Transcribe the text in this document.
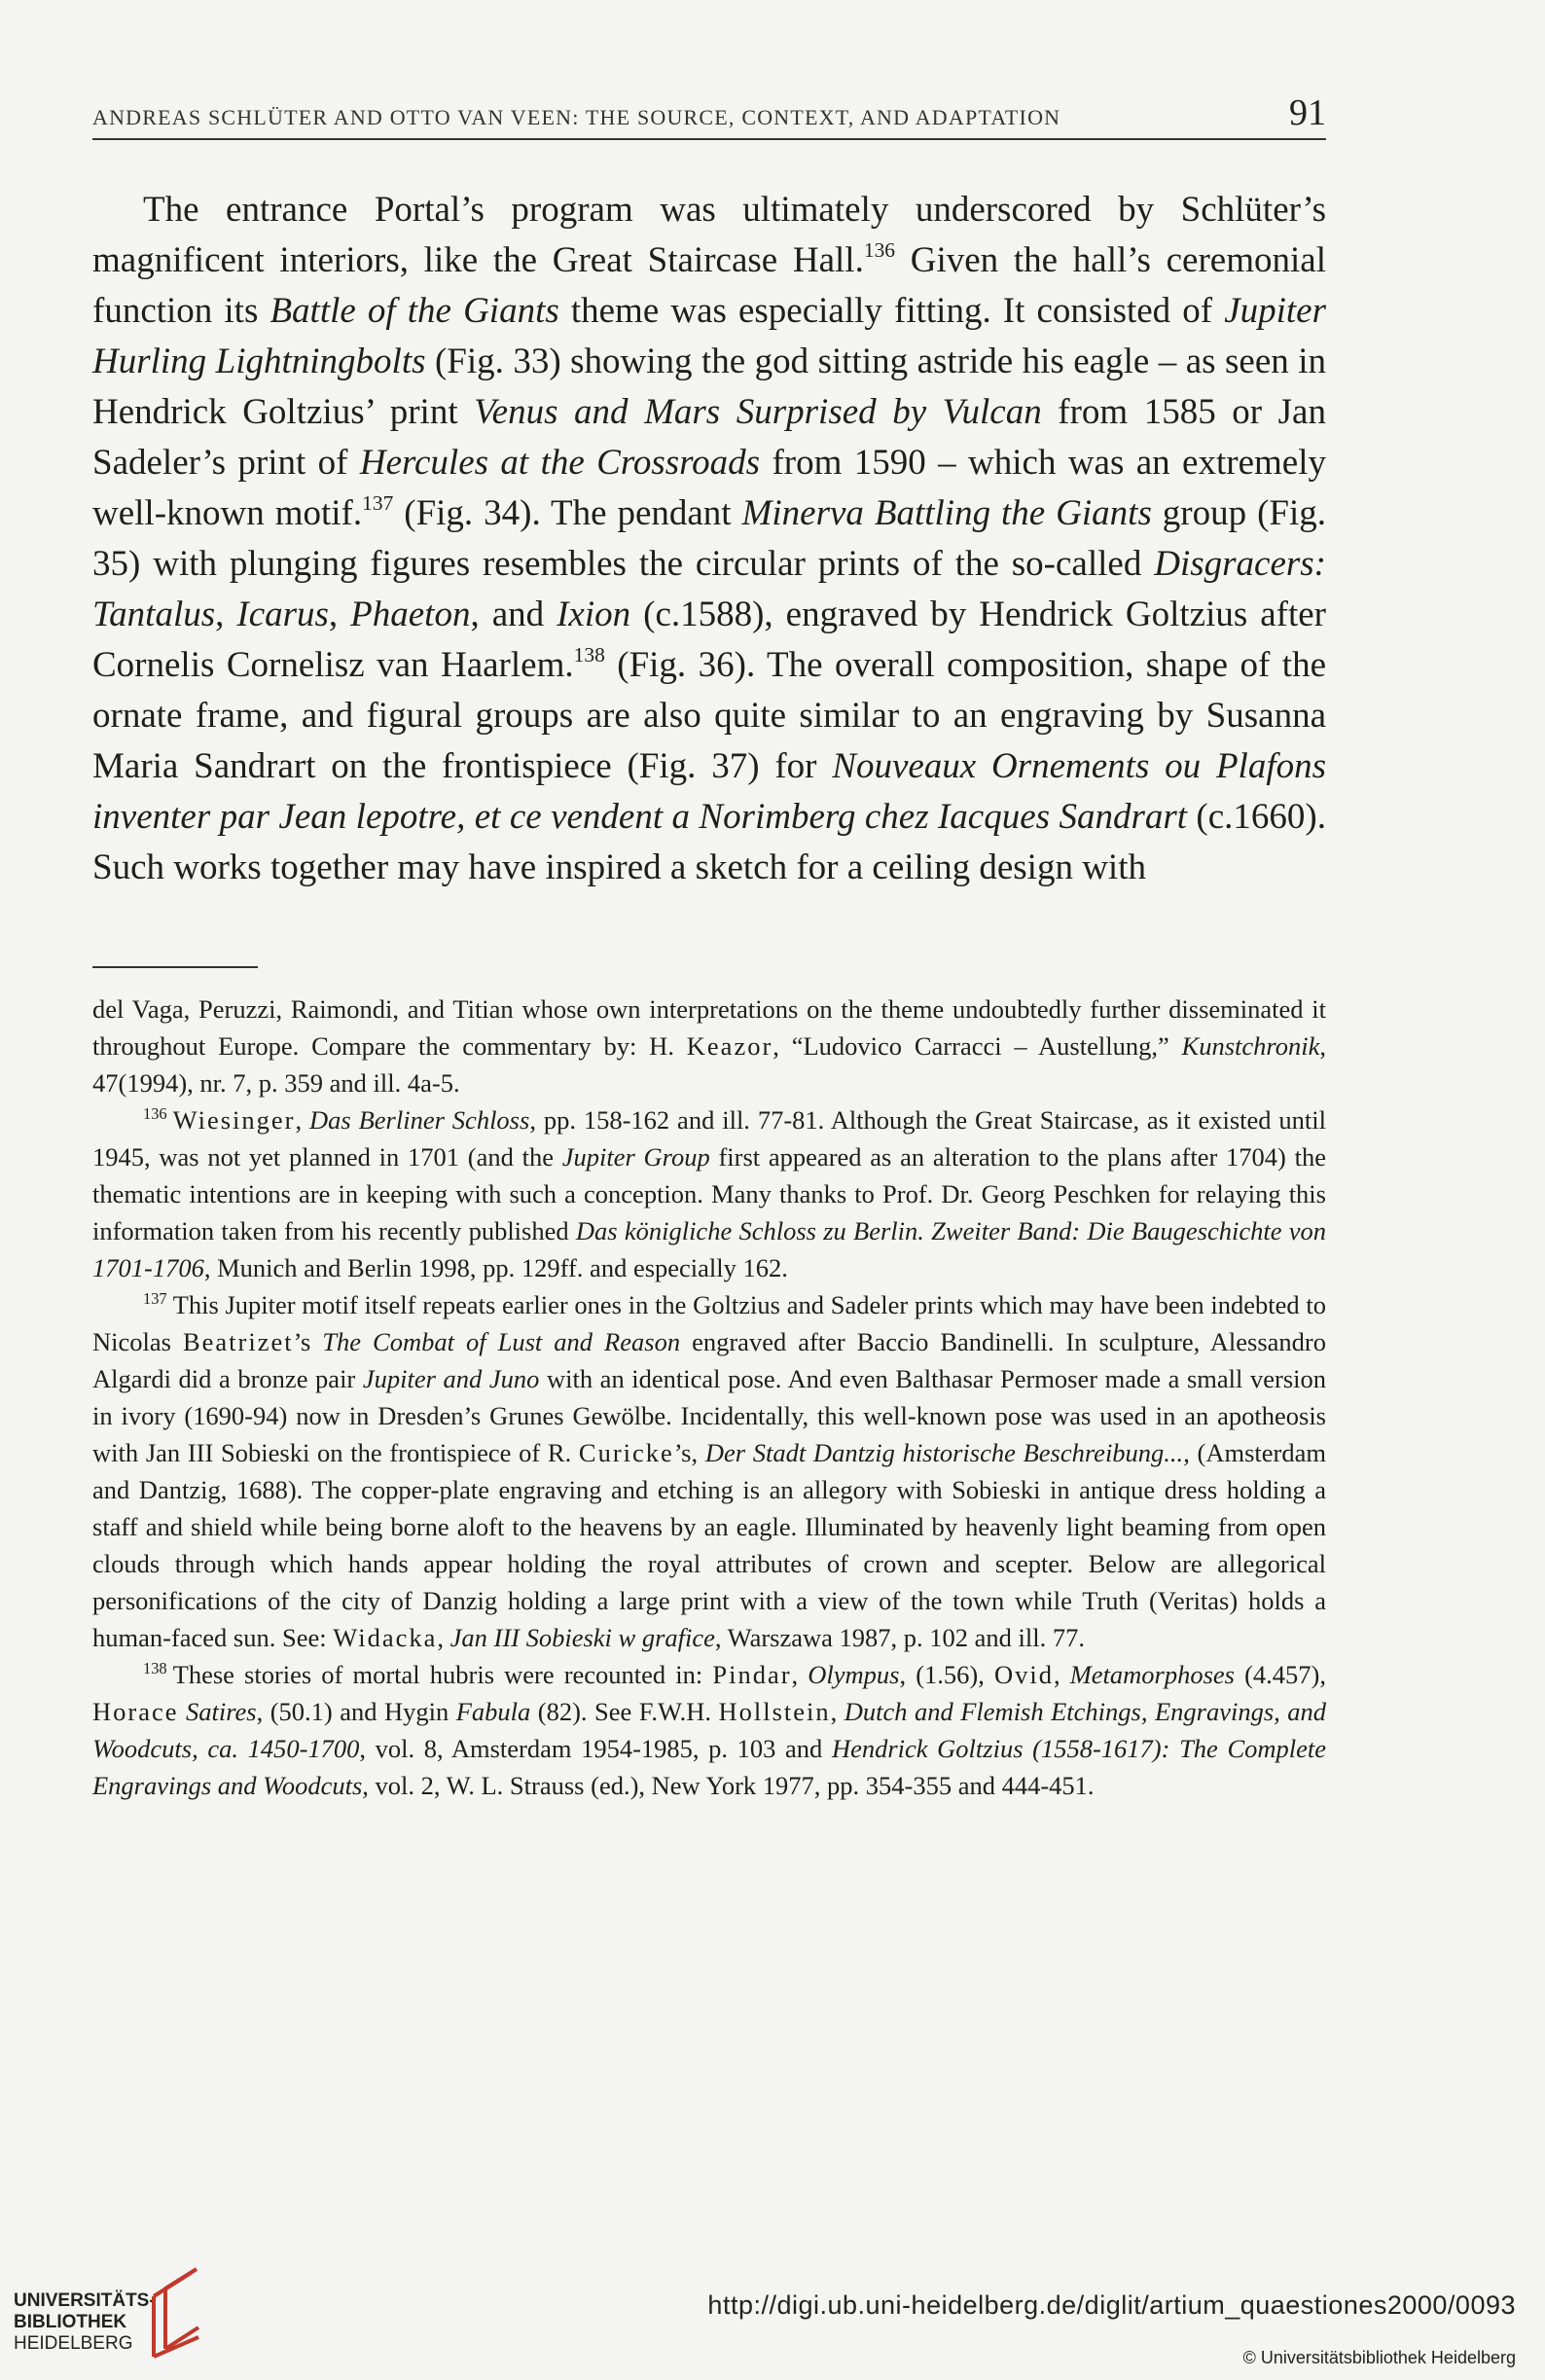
ANDREAS SCHLÜTER AND OTTO VAN VEEN: THE SOURCE, CONTEXT, AND ADAPTATION	91

The entrance Portal’s program was ultimately underscored by Schlüter’s magnificent interiors, like the Great Staircase Hall.$^{136}$ Given the hall’s ceremonial function its Battle of the Giants theme was especially fitting. It consisted of Jupiter Hurling Lightningbolts (Fig. 33) showing the god sitting astride his eagle – as seen in Hendrick Goltzius’ print Venus and Mars Surprised by Vulcan from 1585 or Jan Sadeler’s print of Hercules at the Crossroads from 1590 – which was an extremely well-known motif.$^{137}$ (Fig. 34). The pendant Minerva Battling the Giants group (Fig. 35) with plunging figures resembles the circular prints of the so-called Disgracers: Tantalus, Icarus, Phaeton, and Ixion (c.1588), engraved by Hendrick Goltzius after Cornelis Cornelisz van Haarlem.$^{138}$ (Fig. 36). The overall composition, shape of the ornate frame, and figural groups are also quite similar to an engraving by Susanna Maria Sandrart on the frontispiece (Fig. 37) for Nouveaux Ornements ou Plafons inventer par Jean lepotre, et ce vendent a Norimberg chez Iacques Sandrart (c.1660). Such works together may have inspired a sketch for a ceiling design with

del Vaga, Peruzzi, Raimondi, and Titian whose own interpretations on the theme undoubtedly further disseminated it throughout Europe. Compare the commentary by: H. Keazor, “Ludovico Carracci – Austellung,” Kunstchronik, 47(1994), nr. 7, p. 359 and ill. 4a-5.

$^{136}$ Wiesinger, Das Berliner Schloss, pp. 158-162 and ill. 77-81. Although the Great Staircase, as it existed until 1945, was not yet planned in 1701 (and the Jupiter Group first appeared as an alteration to the plans after 1704) the thematic intentions are in keeping with such a conception. Many thanks to Prof. Dr. Georg Peschken for relaying this information taken from his recently published Das königliche Schloss zu Berlin. Zweiter Band: Die Baugeschichte von 1701-1706, Munich and Berlin 1998, pp. 129ff. and especially 162.

$^{137}$ This Jupiter motif itself repeats earlier ones in the Goltzius and Sadeler prints which may have been indebted to Nicolas Beatrizet’s The Combat of Lust and Reason engraved after Baccio Bandinelli. In sculpture, Alessandro Algardi did a bronze pair Jupiter and Juno with an identical pose. And even Balthasar Permoser made a small version in ivory (1690-94) now in Dresden’s Grunes Gewölbe. Incidentally, this well-known pose was used in an apotheosis with Jan III Sobieski on the frontispiece of R. Curicke’s, Der Stadt Dantzig historische Beschreibung..., (Amsterdam and Dantzig, 1688). The copper-plate engraving and etching is an allegory with Sobieski in antique dress holding a staff and shield while being borne aloft to the heavens by an eagle. Illuminated by heavenly light beaming from open clouds through which hands appear holding the royal attributes of crown and scepter. Below are allegorical personifications of the city of Danzig holding a large print with a view of the town while Truth (Veritas) holds a human-faced sun. See: Widacka, Jan III Sobieski w grafice, Warszawa 1987, p. 102 and ill. 77.

$^{138}$ These stories of mortal hubris were recounted in: Pindar, Olympus, (1.56), Ovid, Metamorphoses (4.457), Horace Satires, (50.1) and Hygin Fabula (82). See F.W.H. Hollstein, Dutch and Flemish Etchings, Engravings, and Woodcuts, ca. 1450-1700, vol. 8, Amsterdam 1954-1985, p. 103 and Hendrick Goltzius (1558-1617): The Complete Engravings and Woodcuts, vol. 2, W. L. Strauss (ed.), New York 1977, pp. 354-355 and 444-451.

UNIVERSITÄTS-
BIBLIOTHEK
HEIDELBERG
http://digi.ub.uni-heidelberg.de/diglit/artium_quaestiones2000/0093
© Universitätsbibliothek Heidelberg
